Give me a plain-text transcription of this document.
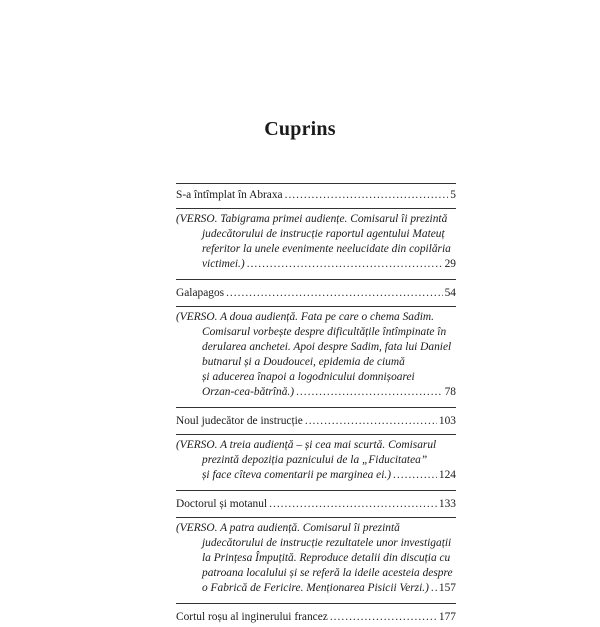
Cuprins
S-a întîmplat în Abraxa .....	5
(VERSO. Tabigrama primei audiențe. Comisarul îi prezintă
judecătorului de instrucție raportul agentului Mateuț
referitor la unele evenimente neelucidate din copilăria
victimei.) .....	29
Galapagos .....	54
(VERSO. A doua audiență. Fata pe care o chema Sadim.
Comisarul vorbește despre dificultățile întîmpinate în
derularea anchetei. Apoi despre Sadim, fata lui Daniel
butnarul și a Doudoucei, epidemia de ciumă
și aducerea înapoi a logodnicului domnișoarei
Orzan-cea-bătrînă.) .....	78
Noul judecător de instrucție .....	103
(VERSO. A treia audiență – și cea mai scurtă. Comisarul
prezintă depoziția paznicului de la „Fiducitatea”
și face cîteva comentarii pe marginea ei.) .....	124
Doctorul și motanul .....	133
(VERSO. A patra audiență. Comisarul îi prezintă
judecătorului de instrucție rezultatele unor investigații
la Prințesa Împuțită. Reproduce detalii din discuția cu
patroana localului și se referă la ideile acesteia despre
o Fabrică de Fericire. Menționarea Pisicii Verzi.) ..... 157
Cortul roșu al inginerului francez .....	177
